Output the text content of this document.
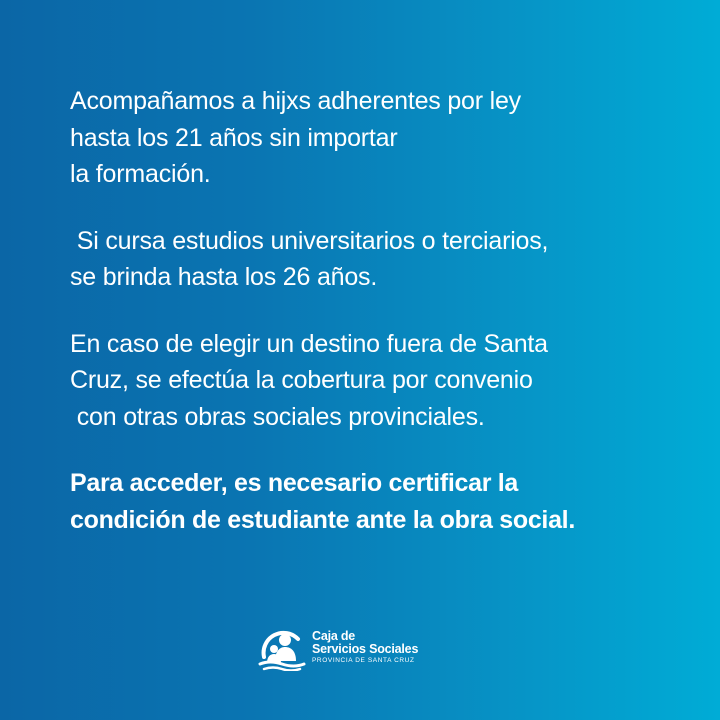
Acompañamos a hijxs adherentes por ley
hasta los 21 años sin importar
la formación.

Si cursa estudios universitarios o terciarios,
se brinda hasta los 26 años.

En caso de elegir un destino fuera de Santa
Cruz, se efectúa la cobertura por convenio
con otras obras sociales provinciales.

Para acceder, es necesario certificar la
condición de estudiante ante la obra social.

Caja de
Servicios Sociales
PROVINCIA DE SANTA CRUZ
